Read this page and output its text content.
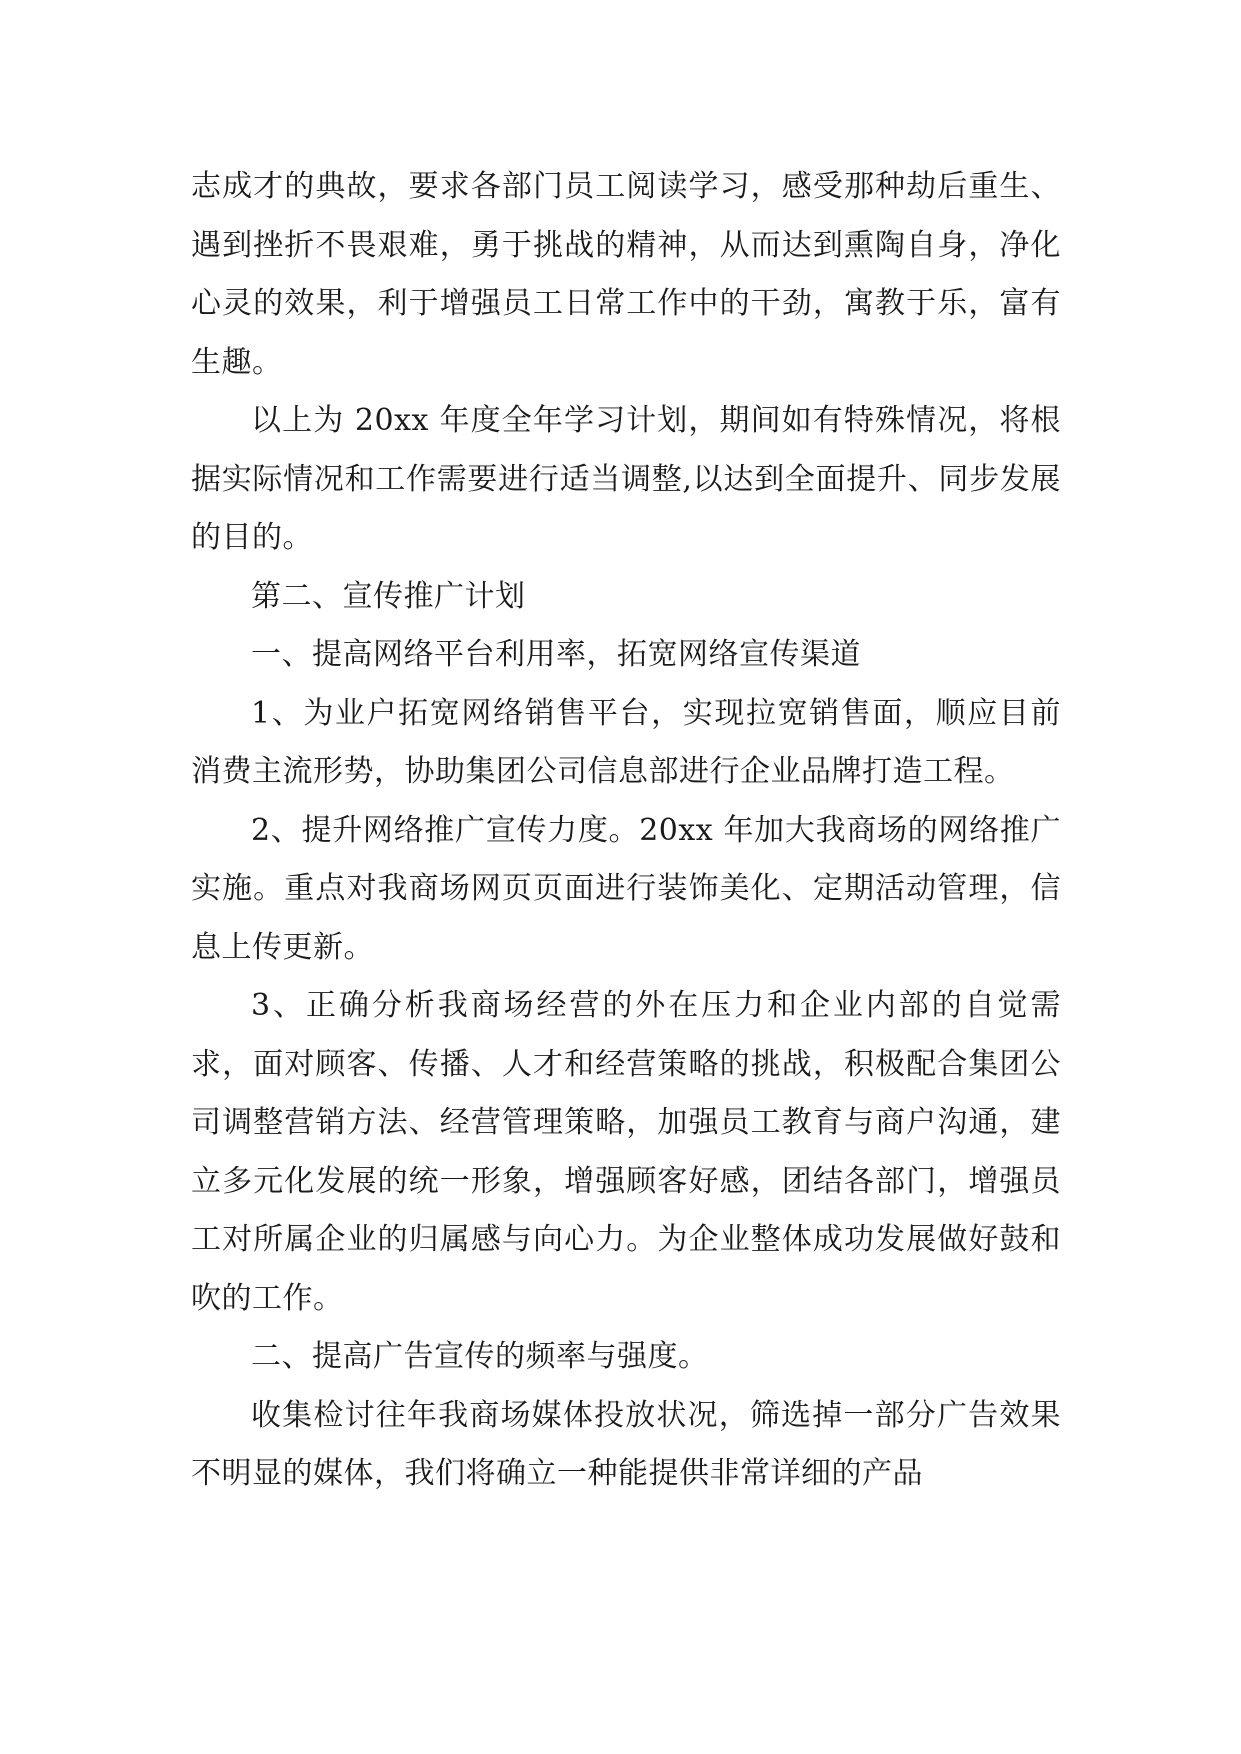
志成才的典故，要求各部门员工阅读学习，感受那种劫后重生、遇到挫折不畏艰难，勇于挑战的精神，从而达到熏陶自身，净化心灵的效果，利于增强员工日常工作中的干劲，寓教于乐，富有生趣。

以上为 20xx 年度全年学习计划，期间如有特殊情况，将根据实际情况和工作需要进行适当调整,以达到全面提升、同步发展的目的。

第二、宣传推广计划

一、提高网络平台利用率，拓宽网络宣传渠道

1、为业户拓宽网络销售平台，实现拉宽销售面，顺应目前消费主流形势，协助集团公司信息部进行企业品牌打造工程。

2、提升网络推广宣传力度。20xx 年加大我商场的网络推广实施。重点对我商场网页页面进行装饰美化、定期活动管理，信息上传更新。

3、正确分析我商场经营的外在压力和企业内部的自觉需求，面对顾客、传播、人才和经营策略的挑战，积极配合集团公司调整营销方法、经营管理策略，加强员工教育与商户沟通，建立多元化发展的统一形象，增强顾客好感，团结各部门，增强员工对所属企业的归属感与向心力。为企业整体成功发展做好鼓和吹的工作。

二、提高广告宣传的频率与强度。

收集检讨往年我商场媒体投放状况，筛选掉一部分广告效果不明显的媒体，我们将确立一种能提供非常详细的产品
